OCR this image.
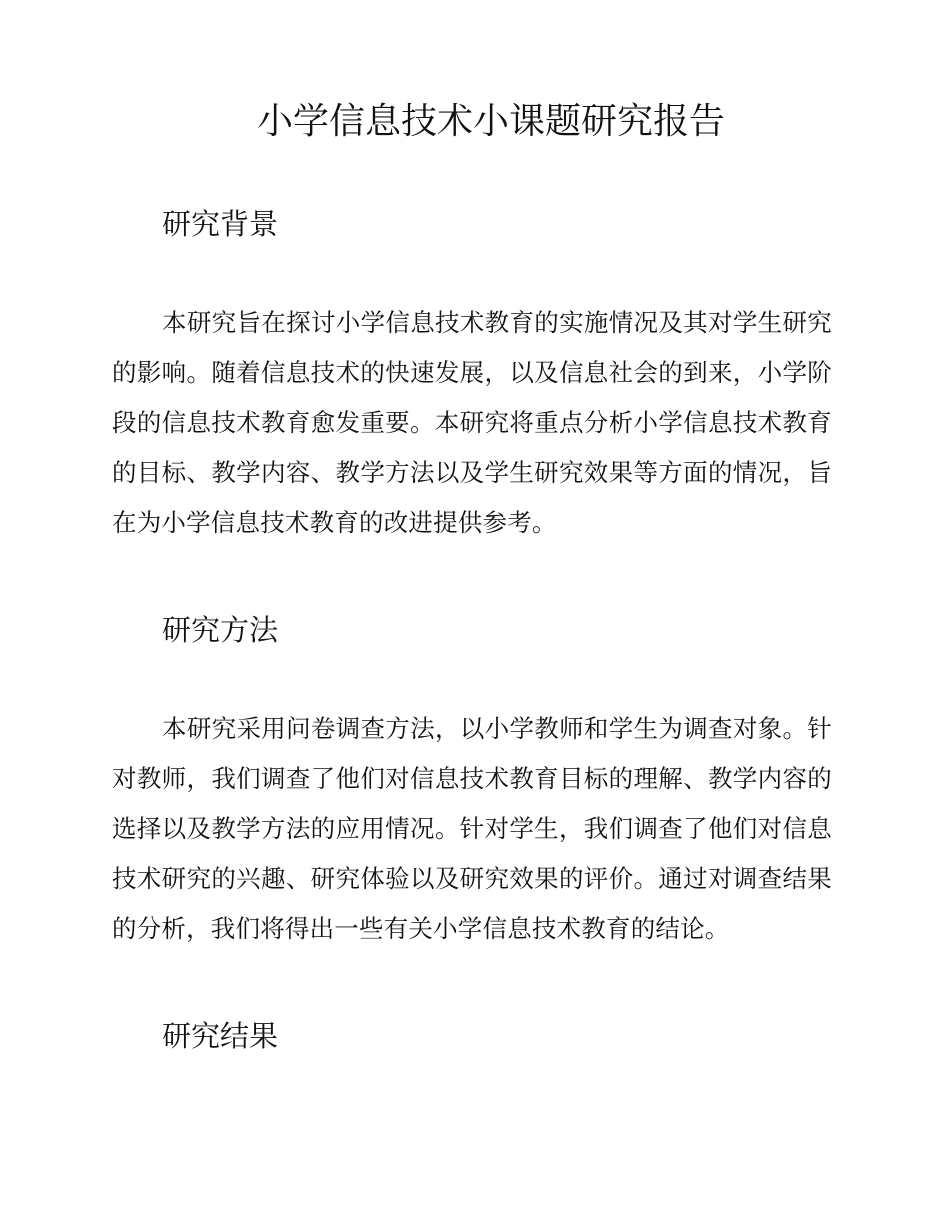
小学信息技术小课题研究报告
研究背景

本研究旨在探讨小学信息技术教育的实施情况及其对学生研究的影响。随着信息技术的快速发展，以及信息社会的到来，小学阶段的信息技术教育愈发重要。本研究将重点分析小学信息技术教育的目标、教学内容、教学方法以及学生研究效果等方面的情况，旨在为小学信息技术教育的改进提供参考。

研究方法

本研究采用问卷调查方法，以小学教师和学生为调查对象。针对教师，我们调查了他们对信息技术教育目标的理解、教学内容的选择以及教学方法的应用情况。针对学生，我们调查了他们对信息技术研究的兴趣、研究体验以及研究效果的评价。通过对调查结果的分析，我们将得出一些有关小学信息技术教育的结论。

研究结果
